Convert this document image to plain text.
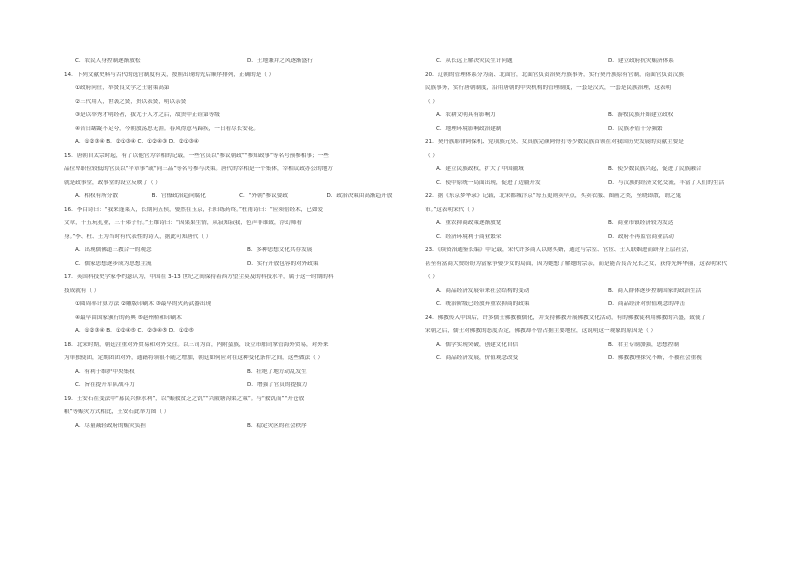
C．农民人身控制逐渐放松	D．土地兼并之风逐渐盛行
14．下列文献史料与古代的选官制度有关，按照出现的先后顺序排列，正确的是（ ）
①政府问仕，举贤良文学之士射策高第
②三代用人，世袭之贤，贵以表贤，明以亲贤
③是以举秀才明经者，拔尤于人才之后，故贵中正铨第等级
④昔日龌龊不足夸，今朝放荡思无涯。春风得意马蹄疾，一日看尽长安花。
A．①②③④ B．②①③④ C．①②④③ D．②①③④
15．唐朝自太宗时起，有了以他官为宰相的记载，一些官员以“参议朝政”“参知政事”等名号预参相事；一些
品位卑职位较低的官员以“平章事”或“同三品”等名号参与决策。唐代的宰相是一个集体，宰相议政办公的地方
就是政事堂，政事堂的设立反映了（ ）
A．相权有所分散	B．官僚政治趋向腐化	C．“外朝”参议要政	D．政治决策由高渐趋开放
16．李白诗曰：“我来蓬莱人，长期问五侯，娶然在玉京，扫归练药终。”杜甫诗曰：“应须倍经术，已如爱
文章，十五玩孔业，三千弟子行。”王维诗曰：“因果果生情，从寂知寂我，色声非谁致，浮幻师看
身。”李、杜、王为当时有代表性的诗人，据此可知唐代（ ）
A．出现儒佛道三教合一的观念	B．多种思想文化共存发展
C．儒家思想逐步成为思想主流	D．实行开放包容的对外政策
17．英国科技史学家李约瑟认为，中国在 3-13 世纪之间保持着西方望尘莫及的科技水平，属于这一时期的科
技成就有（ ）
①圆周率计算方法 ②雕版印刷术 ③最早的火药武器出现
④最早由国家颁行的药典 ⑤赵州桥和印刷术
A．①②③④ B．①②④⑤ C．②③④⑤ D．①②⑤
18．北宋时期，朝廷注重对外贸易和对外交往。以三司为首，内附蛮族，设立市舶司掌管海外贸易，对外来
为单独使团，定期团团对外，通籍将领很不随之增加，朝廷如何应对在这种变化条件之间，这些做法（ ）
A．有利于维护中央集权	B．壮绝了地方动乱发生
C．旨在提升军队战斗力	D．增强了官员的提拔力
19．王安石在变法中“募民兴修水利”，以“赈救贫乏之饥”“兴陂塘沟渠之策”。与“救饥而”“开仓放
粮”等赈灾方式相比，王安石此举力图（ ）
A．尽量减轻政府的赈灾负担	B．稳定灾区的社会秩序
C．从长远上解决灾民生计问题	D．建立政府抗灾赈济体系
20．辽朝的管理体系分为南、北面官，北面官负责治契丹族事务，实行契丹族原有官制，南面官负责汉族
民族事务，实行唐朝制度，沿用唐朝的中央机构的管理制度，一套是汉式，一套是民族治理，这表明
（ ）
A．农耕文明具有影响力	B．游牧民族开始建立政权
C．地理环境影响政治建制	D．民族矛盾十分频繁
21．契丹族耶律阿保机、党项族元昊、女真族完颜阿骨打等少数民族首领在对我国历史发展的贡献主要是
（ ）
A．建立民族政权，扩大了中国疆域	B．使少数民族兴起，促进了民族融合
C．使中原统一局面出现，促进了边疆开发	D．与汉族的经济文化交流，丰富了人们的生活
22．据《东京梦华录》记载，北宋都城汴京“每五更则卖早点，买卖衣服、图画之类，至晓即散，谓之鬼
市。”这表明宋代（ ）
A．重农抑商政策逐渐放宽	B．商业市镇经济较为发达
C．经济环境利于商业繁荣	D．政府不再监管商业活动
23．《续资治通鉴长编》中记载，宋代许多商人以财买婿，通过与宗室、官宦、士人联姻进而跻身上层社会，
甚至有富商大贾纷纷为富家争娶少女的局面，因为她想了解她的宗亲，而是能否良否兄长之女，获得光辉华丽，这表明宋代
（ ）
A．商品经济发展带来社会结构的变动	B．商人群体逐步控制国家的政治生活
C．统治阶级已经放弃重农抑商的政策	D．商品经济对价值观念的冲击
24．佛教传入中国后，许多儒士佛教被儒化，并支持佛教开展佛教文化活动，有的佛教徒利用佛教的兴盛，致使了
宋朝之后，儒士对佛教的态度否定，佛教却不曾占据主要地位，这说明这一观象的原因是（ ）
A．儒学实现突破，创建文化自信	B．君主专制加强，思想控制
C．商品经济发展，价值观念改变	D．佛教教理探究不断，不被社会重视
